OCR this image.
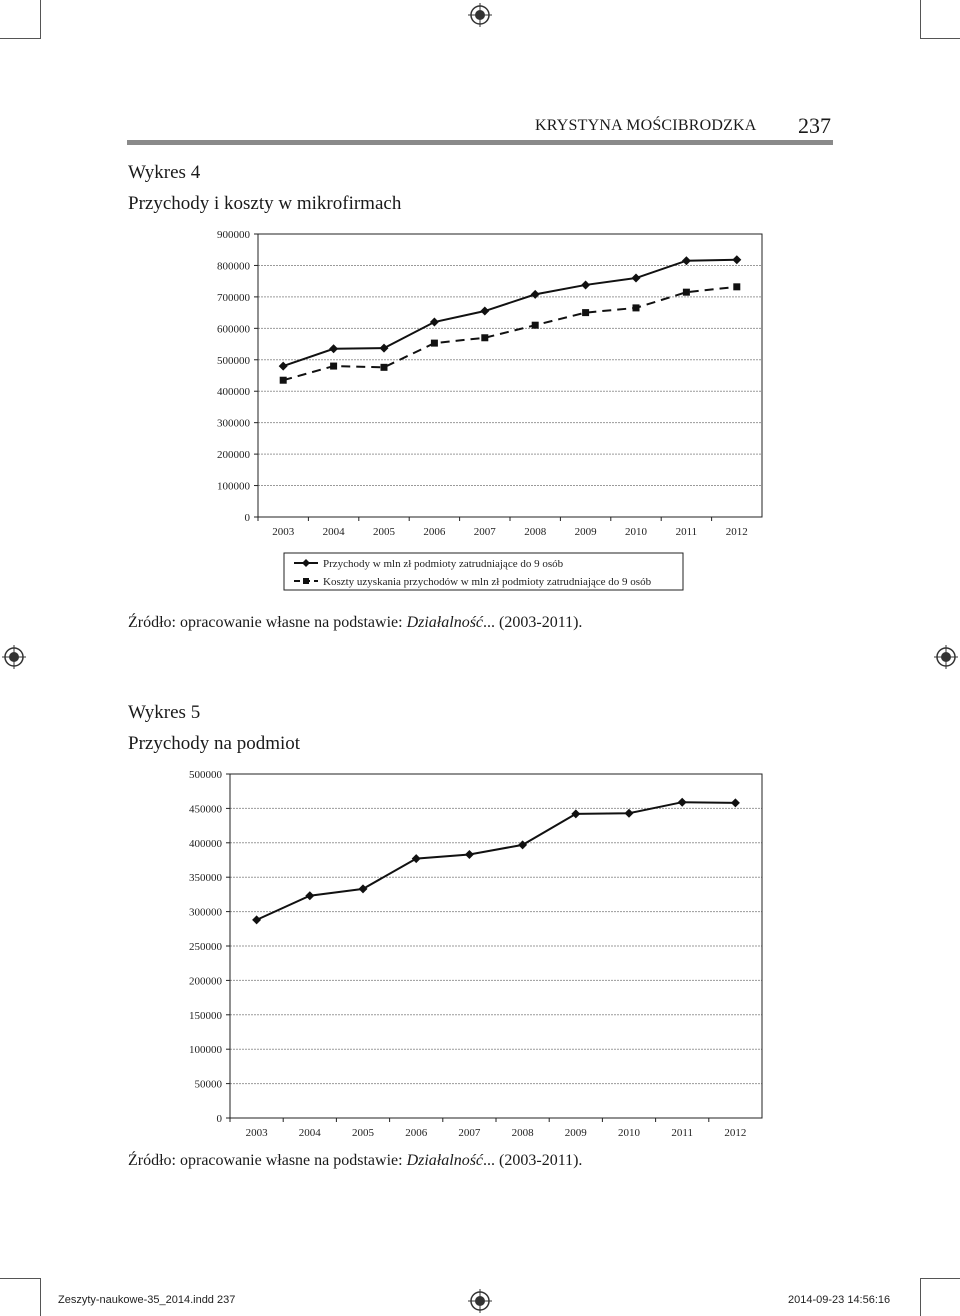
KRYSTYNA MOŚCIBRODZKA 237
Wykres 4
Przychody i koszty w mikrofirmach
0
100000
200000
300000
400000
500000
600000
700000
800000
900000
2003	2004	2005	2006	2007	2008	2009	2010	2011	2012
Przychody w mln zł podmioty zatrudniające do 9 osób
Koszty uzyskania przychodów w mln zł podmioty zatrudniające do 9 osób
Źródło: opracowanie własne na podstawie: Działalność... (2003-2011).
Wykres 5
Przychody na podmiot
0
50000
100000
150000
200000
250000
300000
350000
400000
450000
500000
2003	2004	2005	2006	2007	2008	2009	2010	2011	2012
Źródło: opracowanie własne na podstawie: Działalność... (2003-2011).
Zeszyty-naukowe-35_2014.indd 237	2014-09-23 14:56:16
